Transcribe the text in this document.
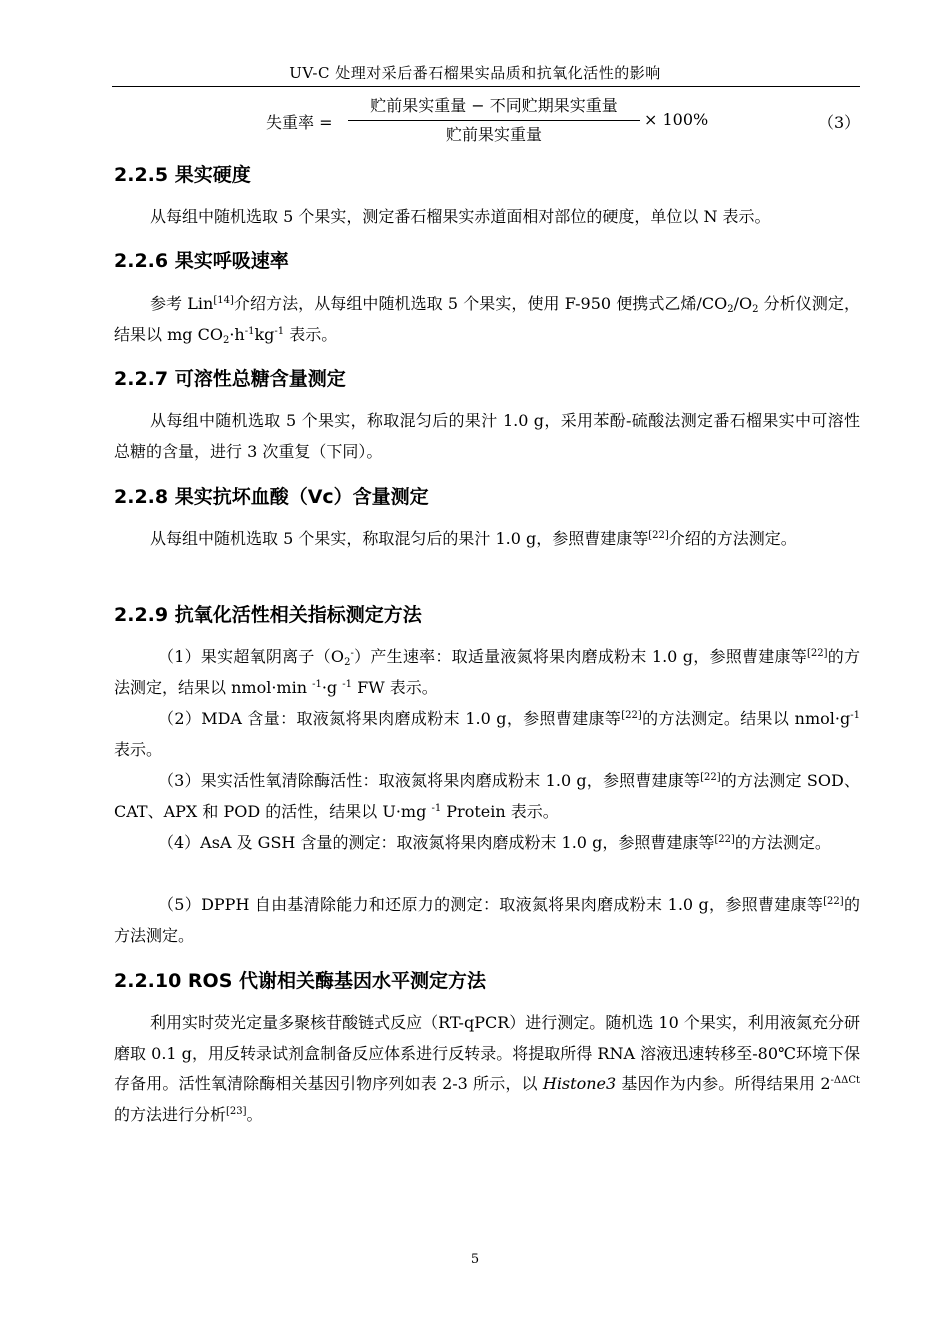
UV-C 处理对采后番石榴果实品质和抗氧化活性的影响
失重率 =
贮前果实重量 − 不同贮期果实重量
贮前果实重量
× 100%	（3）
2.2.5 果实硬度

从每组中随机选取 5 个果实，测定番石榴果实赤道面相对部位的硬度，单位以 N 表示。

2.2.6 果实呼吸速率

参考 Lin[14]介绍方法，从每组中随机选取 5 个果实，使用 F-950 便携式乙烯$/CO_2/O_2$ 分析仪测定，结果以 mg $CO_2\cdot h^{-1}kg^{-1}$ 表示。

2.2.7 可溶性总糖含量测定

从每组中随机选取 5 个果实，称取混匀后的果汁 1.0 g，采用苯酚-硫酸法测定番石榴果实中可溶性总糖的含量，进行 3 次重复（下同）。

2.2.8 果实抗坏血酸（Vc）含量测定

从每组中随机选取 5 个果实，称取混匀后的果汁 1.0 g，参照曹建康等[22]介绍的方法测定。

2.2.9 抗氧化活性相关指标测定方法

（1）果实超氧阴离子$(O_2^-)$产生速率：取适量液氮将果肉磨成粉末 1.0 g，参照曹建康等[22]的方法测定，结果以 nmol·min $^{-1}$·g $^{-1}$ FW 表示。

（2）MDA 含量：取液氮将果肉磨成粉末 1.0 g，参照曹建康等[22]的方法测定。结果以 $nmol\cdot g^{-1}$ 表示。

（3）果实活性氧清除酶活性：取液氮将果肉磨成粉末 1.0 g，参照曹建康等[22]的方法测定 SOD、CAT、APX 和 POD 的活性，结果以 U·mg $^{-1}$ Protein 表示。

（4）AsA 及 GSH 含量的测定：取液氮将果肉磨成粉末 1.0 g，参照曹建康等[22]的方法测定。

（5）DPPH 自由基清除能力和还原力的测定：取液氮将果肉磨成粉末 1.0 g，参照曹建康等[22]的方法测定。

2.2.10 ROS 代谢相关酶基因水平测定方法

利用实时荧光定量多聚核苷酸链式反应（RT-qPCR）进行测定。随机选 10 个果实，利用液氮充分研磨取 0.1 g，用反转录试剂盒制备反应体系进行反转录。将提取所得 RNA 溶液迅速转移至-80℃环境下保存备用。活性氧清除酶相关基因引物序列如表 2-3 所示，以 Histone3 基因作为内参。所得结果用 $2^{-\Delta\Delta Ct}$ 的方法进行分析[23]。

5
